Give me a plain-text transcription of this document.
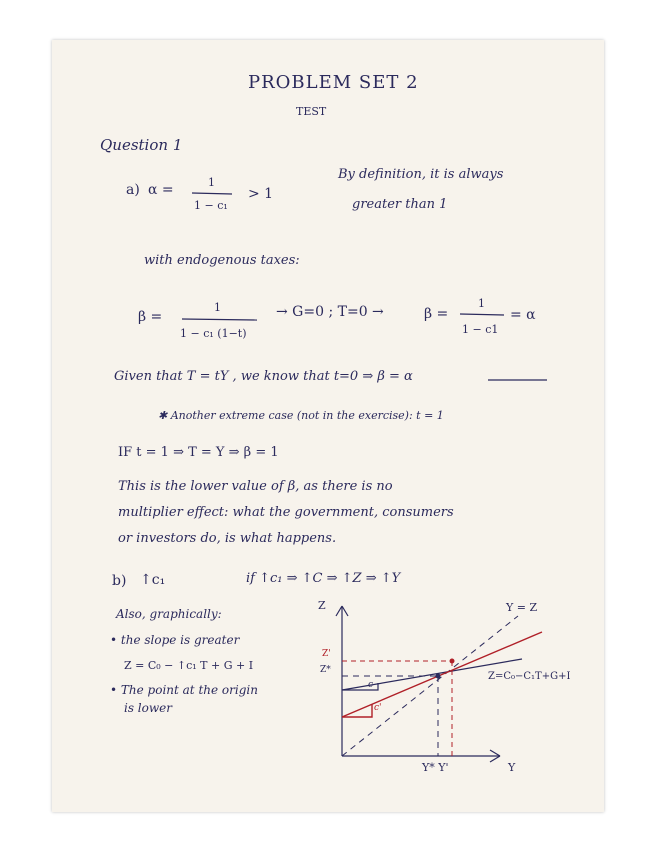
PROBLEM SET 2
TEST
Question 1
a) α =	1
1 − c₁
> 1
By definition, it is always
greater than 1
with endogenous taxes:
β =
1
1 − c₁ (1−t)
→ G=0 ; T=0 →	β =
1
1 − c1
= α
Given that T = tY , we know that t=0 ⇒ β = α
✱ Another extreme case (not in the exercise): t = 1
IF t = 1 ⇒ T = Y ⇒ β = 1
This is the lower value of β, as there is no
multiplier effect: what the government, consumers
or investors do, is what happens.
b) ↑c₁	if ↑c₁ ⇒ ↑C ⇒ ↑Z ⇒ ↑Y
Also, graphically:
• the slope is greater
Z = C₀ − ↑c₁ T + G + I
• The point at the origin
is lower
Z
Y
Y = Z
Z=C₀−C₁T+G+I
Z'
Z*
c
c'
Y* Y'
